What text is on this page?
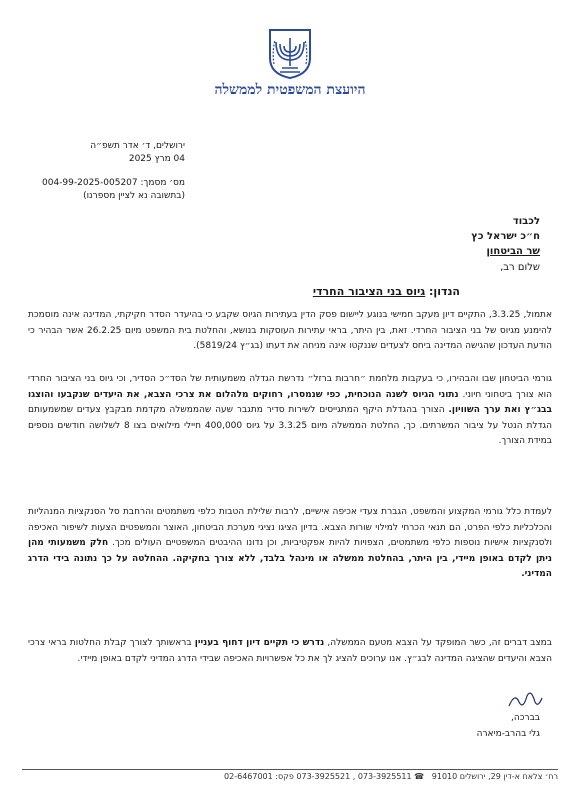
היועצת המשפטית לממשלה
ירושלים, ד׳ אדר תשפ״ה
04 מרץ 2025
מס׳ מסמך: 004-99-2025-005207
(בתשובה נא לציין מספרנו)
לכבוד
ח״כ ישראל כץ
שר הביטחון
שלום רב,
הנדון: גיוס בני הציבור החרדי
אתמול, 3.3.25, התקיים דיון מעקב חמישי בנוגע ליישום פסק הדין בעתירות הגיוס שקבע כי בהיעדר הסדר חקיקתי, המדינה אינה מוסמכת להימנע מגיוס של בני הציבור החרדי. זאת, בין היתר, בראי עתירות העוסקות בנושא, והחלטת בית המשפט מיום 26.2.25 אשר הבהיר כי הודעת העדכון שהגישה המדינה ביחס לצעדים שננקטו אינה מניחה את דעתו (בג״ץ 5819/24).
גורמי הביטחון שבו והבהירו, כי בעקבות מלחמת ״חרבות ברזל״ נדרשת הגדלה משמעותית של הסד״כ הסדיר, וכי גיוס בני הציבור החרדי הוא צורך ביטחוני חיוני. נתוני הגיוס לשנה הנוכחית, כפי שנמסרו, רחוקים מלהלום את צרכי הצבא, את היעדים שנקבעו והוצגו בבג״ץ ואת ערך השוויון. הצורך בהגדלת היקף המתגייסים לשירות סדיר מתגבר שעה שהממשלה מקדמת מבקבץ צעדים שמשמעותם הגדלת הנטל על ציבור המשרתים. כך, החלטת הממשלה מיום 3.3.25 על גיוס 400,000 חיילי מילואים בצו 8 לשלושה חודשים נוספים במידת הצורך.
לעמדת כלל גורמי המקצוע והמשפט, הגברת צעדי אכיפה אישיים, לרבות שלילת הטבות כלפי משתמטים והרחבת סל הסנקציות המנהליות והכלכליות כלפי הפרט, הם תנאי הכרחי למילוי שורות הצבא. בדיון הציגו נציגי מערכת הביטחון, האוצר והמשפטים הצעות לשיפור האכיפה ולסנקציות אישיות נוספות כלפי משתמטים, הצפויות להיות אפקטיביות, וכן נדונו ההיבטים המשפטיים העולים מכך. חלק משמעותי מהן ניתן לקדם באופן מיידי, בין היתר, בהחלטת ממשלה או מינהל בלבד, ללא צורך בחקיקה. ההחלטה על כך נתונה בידי הדרג המדיני.
במצב דברים זה, כשר המופקד על הצבא מטעם הממשלה, נדרש כי תקיים דיון דחוף בעניין בראשותך לצורך קבלת החלטות בראי צרכי הצבא והיעדים שהציגה המדינה לבג״ץ. אנו ערוכים להציג לך את כל אפשרויות האכיפה שבידי הדרג המדיני לקדם באופן מיידי.
בברכה,
גלי בהרב-מיארה
רח׳ צלאח א-דין 29, ירושלים 91010   ☎ 073-3925511 , 073-3925521 פקס: 02-6467001
